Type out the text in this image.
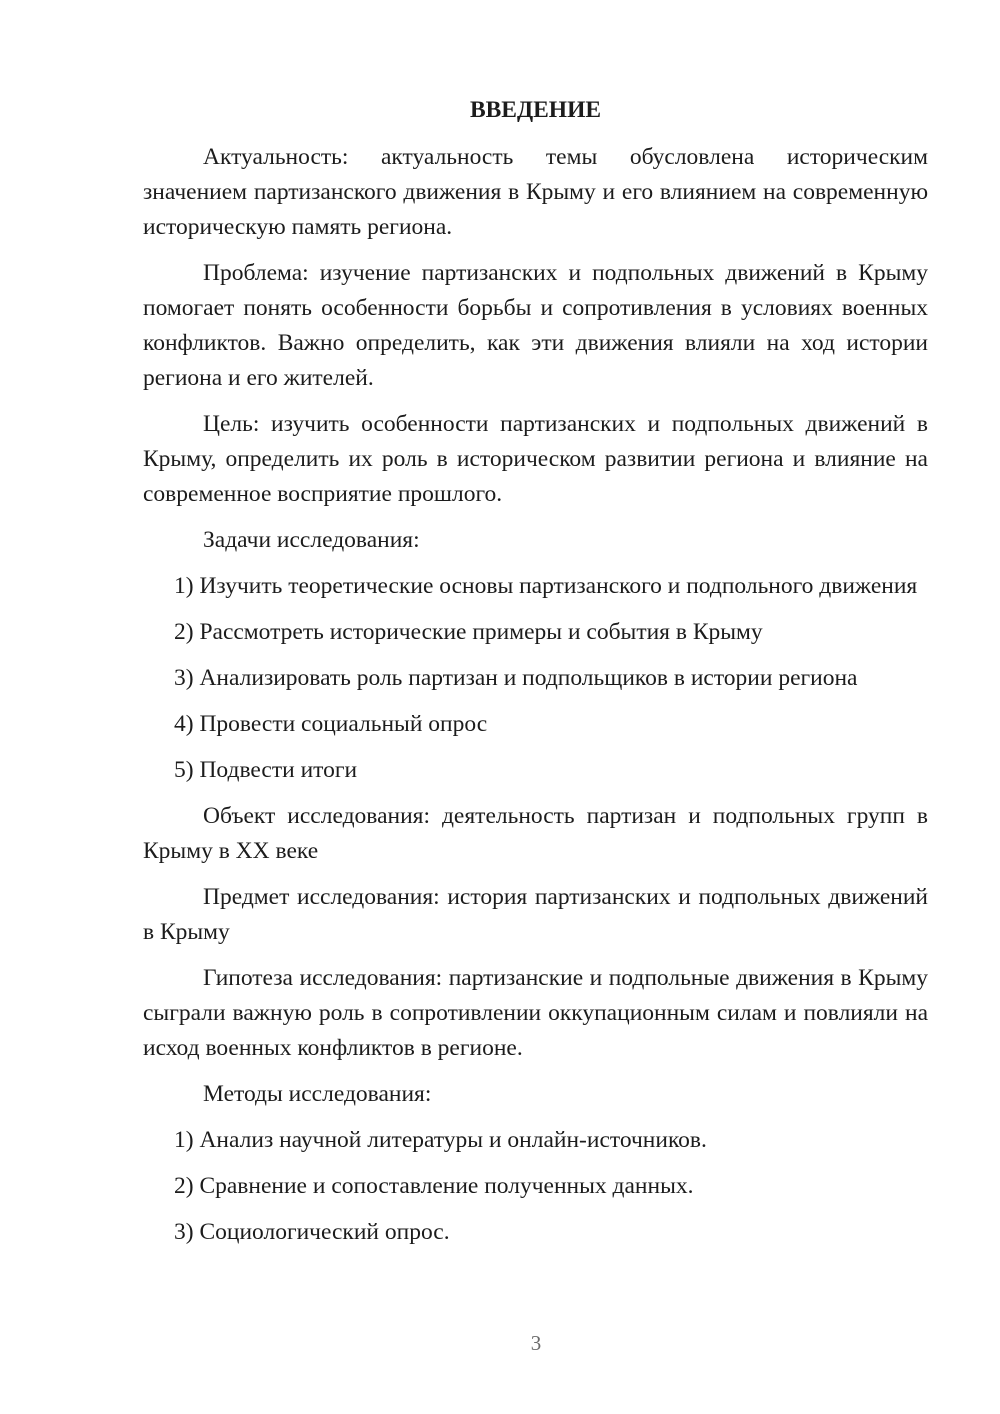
ВВЕДЕНИЕ
Актуальность: актуальность темы обусловлена историческим значением партизанского движения в Крыму и его влиянием на современную историческую память региона.
Проблема: изучение партизанских и подпольных движений в Крыму помогает понять особенности борьбы и сопротивления в условиях военных конфликтов. Важно определить, как эти движения влияли на ход истории региона и его жителей.
Цель: изучить особенности партизанских и подпольных движений в Крыму, определить их роль в историческом развитии региона и влияние на современное восприятие прошлого.
Задачи исследования:
1) Изучить теоретические основы партизанского и подпольного движения
2) Рассмотреть исторические примеры и события в Крыму
3) Анализировать роль партизан и подпольщиков в истории региона
4) Провести социальный опрос
5) Подвести итоги
Объект исследования: деятельность партизан и подпольных групп в Крыму в XX веке
Предмет исследования: история партизанских и подпольных движений в Крыму
Гипотеза исследования: партизанские и подпольные движения в Крыму сыграли важную роль в сопротивлении оккупационным силам и повлияли на исход военных конфликтов в регионе.
Методы исследования:
1) Анализ научной литературы и онлайн-источников.
2) Сравнение и сопоставление полученных данных.
3) Социологический опрос.
3
